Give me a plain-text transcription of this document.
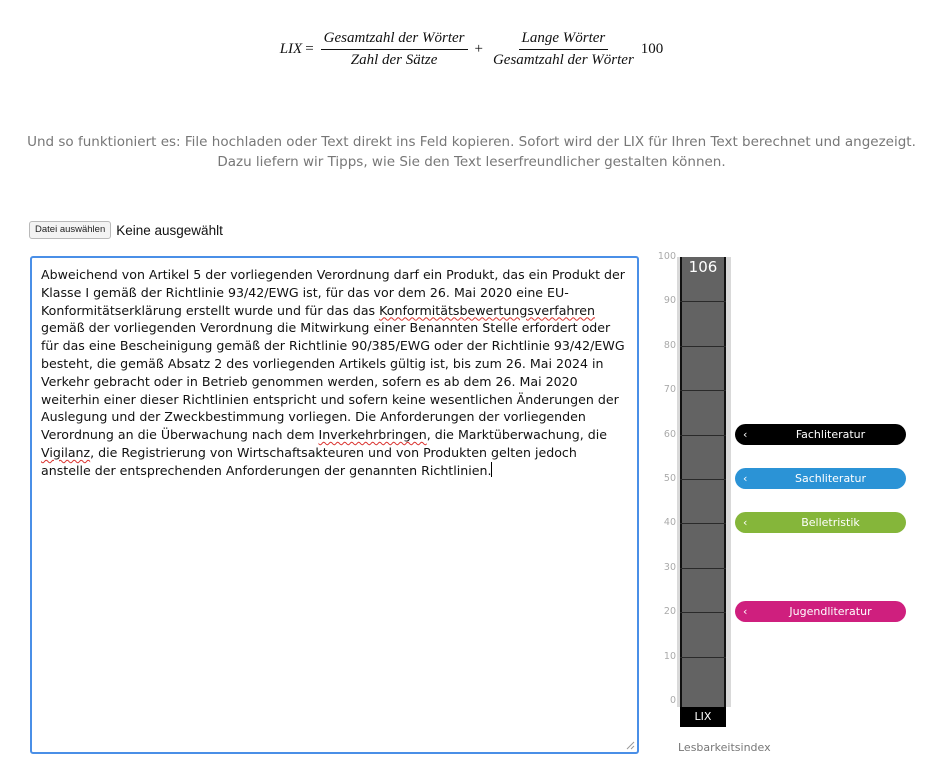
LIX = $\frac{\text{Gesamtzahl der Wörter}}{\text{Zahl der Sätze}} + \frac{\text{Lange Wörter}}{\text{Gesamtzahl der Wörter}} 100$
Und so funktioniert es: File hochladen oder Text direkt ins Feld kopieren. Sofort wird der LIX für Ihren Text berechnet und angezeigt. Dazu liefern wir Tipps, wie Sie den Text leserfreundlicher gestalten können.
Datei auswählen Keine ausgewählt
Abweichend von Artikel 5 der vorliegenden Verordnung darf ein Produkt, das ein Produkt der Klasse I gemäß der Richtlinie 93/42/EWG ist, für das vor dem 26. Mai 2020 eine EU-Konformitätserklärung erstellt wurde und für das das Konformitätsbewertungsverfahren gemäß der vorliegenden Verordnung die Mitwirkung einer Benannten Stelle erfordert oder für das eine Bescheinigung gemäß der Richtlinie 90/385/EWG oder der Richtlinie 93/42/EWG besteht, die gemäß Absatz 2 des vorliegenden Artikels gültig ist, bis zum 26. Mai 2024 in Verkehr gebracht oder in Betrieb genommen werden, sofern es ab dem 26. Mai 2020 weiterhin einer dieser Richtlinien entspricht und sofern keine wesentlichen Änderungen der Auslegung und der Zweckbestimmung vorliegen. Die Anforderungen der vorliegenden Verordnung an die Überwachung nach dem Inverkehrbringen, die Marktüberwachung, die Vigilanz, die Registrierung von Wirtschaftsakteuren und von Produkten gelten jedoch anstelle der entsprechenden Anforderungen der genannten Richtlinien.
100
90
80
70
60
50
40
30
20
10
0
106
LIX
Lesbarkeitsindex
‹	Fachliteratur
‹	Sachliteratur
‹	Belletristik
‹	Jugendliteratur
